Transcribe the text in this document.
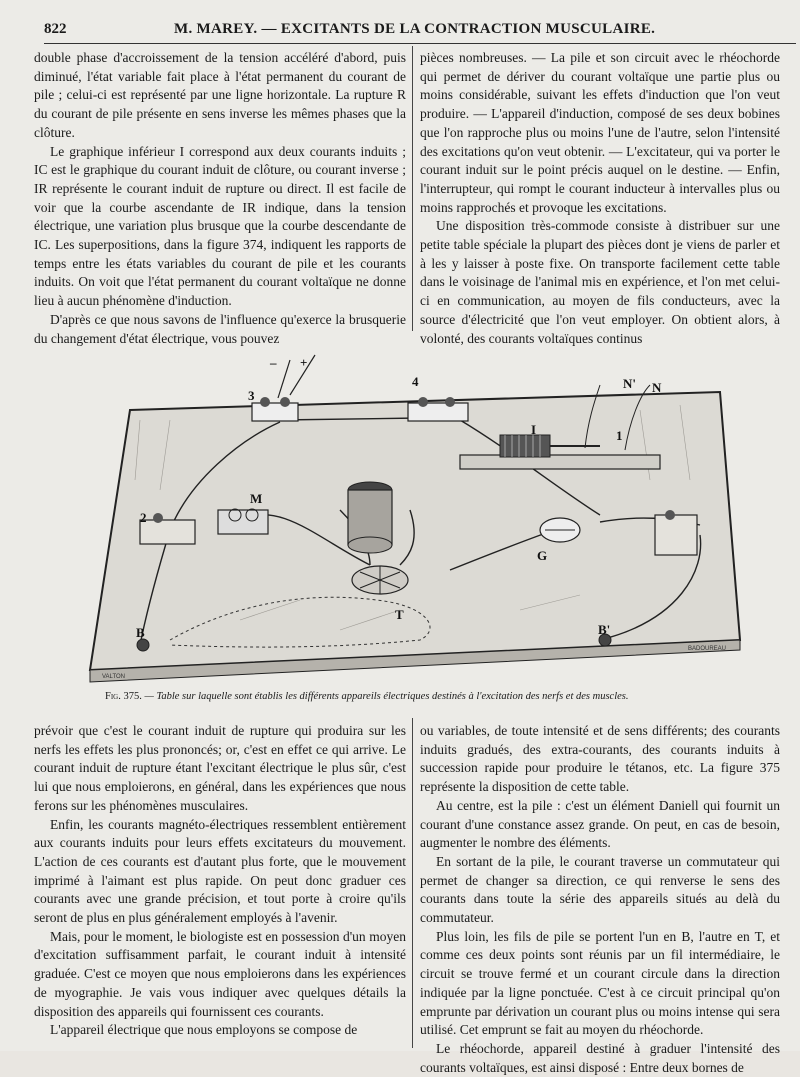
822	M. MAREY. — EXCITANTS DE LA CONTRACTION MUSCULAIRE.

double phase d'accroissement de la tension accéléré d'abord, puis diminué, l'état variable fait place à l'état permanent du courant de pile ; celui-ci est représenté par une ligne horizontale. La rupture R du courant de pile présente en sens inverse les mêmes phases que la clôture.

Le graphique inférieur I correspond aux deux courants induits ; IC est le graphique du courant induit de clôture, ou courant inverse ; IR représente le courant induit de rupture ou direct. Il est facile de voir que la courbe ascendante de IR indique, dans la tension électrique, une variation plus brusque que la courbe descendante de IC. Les superpositions, dans la figure 374, indiquent les rapports de temps entre les états variables du courant de pile et les courants induits. On voit que l'état permanent du courant voltaïque ne donne lieu à aucun phénomène d'induction.

D'après ce que nous savons de l'influence qu'exerce la brusquerie du changement d'état électrique, vous pouvez

pièces nombreuses. — La pile et son circuit avec le rhéochorde qui permet de dériver du courant voltaïque une partie plus ou moins considérable, suivant les effets d'induction que l'on veut produire. — L'appareil d'induction, composé de ses deux bobines que l'on rapproche plus ou moins l'une de l'autre, selon l'intensité des excitations qu'on veut obtenir. — L'excitateur, qui va porter le courant induit sur le point précis auquel on le destine. — Enfin, l'interrupteur, qui rompt le courant inducteur à intervalles plus ou moins rapprochés et provoque les excitations.

Une disposition très-commode consiste à distribuer sur une petite table spéciale la plupart des pièces dont je viens de parler et à les y laisser à poste fixe. On transporte facilement cette table dans le voisinage de l'animal mis en expérience, et l'on met celui-ci en communication, au moyen de fils conducteurs, avec la source d'électricité que l'on veut employer. On obtient alors, à volonté, des courants voltaïques continus

1
2
3
4
I
M
G
T
B	B'
N
N'
+
–
VALTON
BADOUREAU
Fig. 375. — Table sur laquelle sont établis les différents appareils électriques destinés à l'excitation des nerfs et des muscles.

prévoir que c'est le courant induit de rupture qui produira sur les nerfs les effets les plus prononcés; or, c'est en effet ce qui arrive. Le courant induit de rupture étant l'excitant électrique le plus sûr, c'est lui que nous emploierons, en général, dans les expériences que nous ferons sur les phénomènes musculaires.

Enfin, les courants magnéto-électriques ressemblent entièrement aux courants induits pour leurs effets excitateurs du mouvement. L'action de ces courants est d'autant plus forte, que le mouvement imprimé à l'aimant est plus rapide. On peut donc graduer ces courants avec une grande précision, et tout porte à croire qu'ils seront de plus en plus généralement employés à l'avenir.

Mais, pour le moment, le biologiste est en possession d'un moyen d'excitation suffisamment parfait, le courant induit à intensité graduée. C'est ce moyen que nous emploierons dans les expériences de myographie. Je vais vous indiquer avec quelques détails la disposition des appareils qui fournissent ces courants.

L'appareil électrique que nous employons se compose de

ou variables, de toute intensité et de sens différents; des courants induits gradués, des extra-courants, des courants induits à succession rapide pour produire le tétanos, etc. La figure 375 représente la disposition de cette table.

Au centre, est la pile : c'est un élément Daniell qui fournit un courant d'une constance assez grande. On peut, en cas de besoin, augmenter le nombre des éléments.

En sortant de la pile, le courant traverse un commutateur qui permet de changer sa direction, ce qui renverse le sens des courants dans toute la série des appareils situés au delà du commutateur.

Plus loin, les fils de pile se portent l'un en B, l'autre en T, et comme ces deux points sont réunis par un fil intermédiaire, le circuit se trouve fermé et un courant circule dans la direction indiquée par la ligne ponctuée. C'est à ce circuit principal qu'on emprunte par dérivation un courant plus ou moins intense qui sera utilisé. Cet emprunt se fait au moyen du rhéochorde.

Le rhéochorde, appareil destiné à graduer l'intensité des courants voltaïques, est ainsi disposé : Entre deux bornes de
